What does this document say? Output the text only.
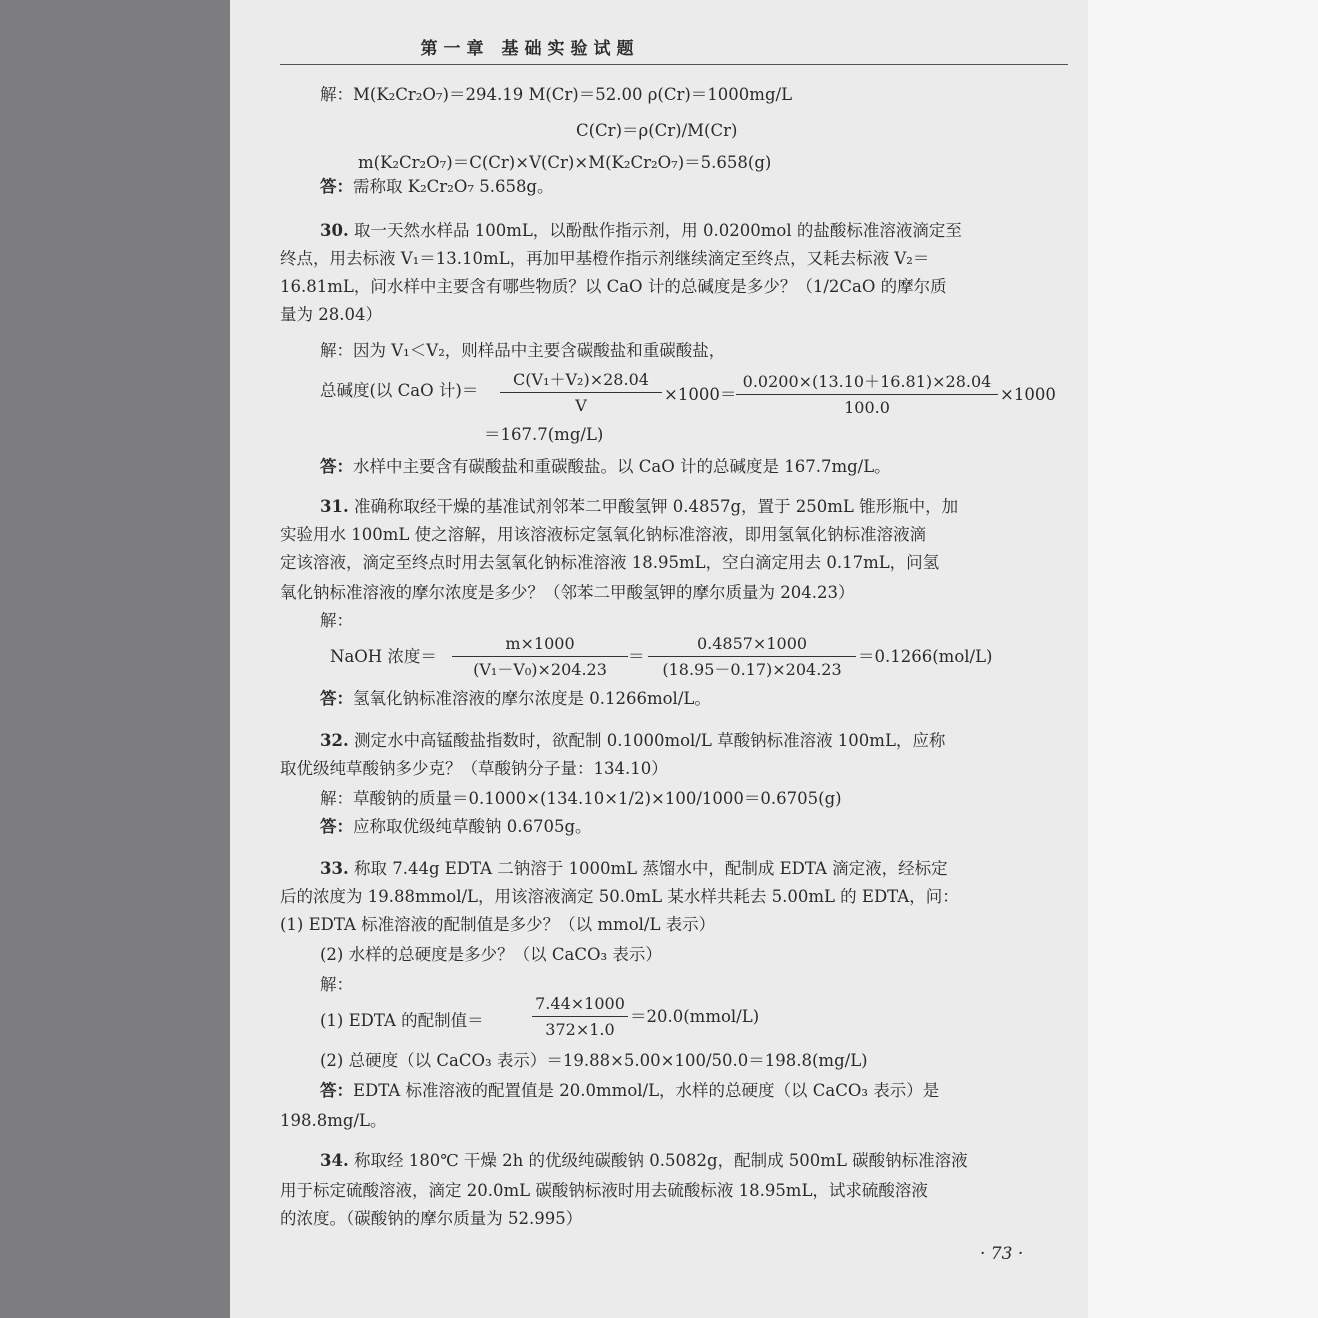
第一章 基础实验试题
解：M(K₂Cr₂O₇)＝294.19 M(Cr)＝52.00 ρ(Cr)＝1000mg/L
C(Cr)＝ρ(Cr)/M(Cr)
m(K₂Cr₂O₇)＝C(Cr)×V(Cr)×M(K₂Cr₂O₇)＝5.658(g)
答：需称取 K₂Cr₂O₇ 5.658g。
30. 取一天然水样品 100mL，以酚酞作指示剂，用 0.0200mol 的盐酸标准溶液滴定至
终点，用去标液 V₁＝13.10mL，再加甲基橙作指示剂继续滴定至终点，又耗去标液 V₂＝
16.81mL，问水样中主要含有哪些物质？以 CaO 计的总碱度是多少？（1/2CaO 的摩尔质
量为 28.04）
解：因为 V₁＜V₂，则样品中主要含碳酸盐和重碳酸盐，
总碱度(以 CaO 计)＝
C(V₁＋V₂)×28.04
V
×1000＝
0.0200×(13.10＋16.81)×28.04
100.0
×1000
＝167.7(mg/L)
答：水样中主要含有碳酸盐和重碳酸盐。以 CaO 计的总碱度是 167.7mg/L。
31. 准确称取经干燥的基准试剂邻苯二甲酸氢钾 0.4857g，置于 250mL 锥形瓶中，加
实验用水 100mL 使之溶解，用该溶液标定氢氧化钠标准溶液，即用氢氧化钠标准溶液滴
定该溶液，滴定至终点时用去氢氧化钠标准溶液 18.95mL，空白滴定用去 0.17mL，问氢
氧化钠标准溶液的摩尔浓度是多少？（邻苯二甲酸氢钾的摩尔质量为 204.23）
解：
NaOH 浓度＝
m×1000
(V₁－V₀)×204.23
＝
0.4857×1000
(18.95－0.17)×204.23
＝0.1266(mol/L)
答：氢氧化钠标准溶液的摩尔浓度是 0.1266mol/L。
32. 测定水中高锰酸盐指数时，欲配制 0.1000mol/L 草酸钠标准溶液 100mL，应称
取优级纯草酸钠多少克？（草酸钠分子量：134.10）
解：草酸钠的质量＝0.1000×(134.10×1/2)×100/1000＝0.6705(g)
答：应称取优级纯草酸钠 0.6705g。
33. 称取 7.44g EDTA 二钠溶于 1000mL 蒸馏水中，配制成 EDTA 滴定液，经标定
后的浓度为 19.88mmol/L，用该溶液滴定 50.0mL 某水样共耗去 5.00mL 的 EDTA，问：
(1) EDTA 标准溶液的配制值是多少？（以 mmol/L 表示）
(2) 水样的总硬度是多少？（以 CaCO₃ 表示）
解：
(1) EDTA 的配制值＝
7.44×1000
372×1.0
＝20.0(mmol/L)
(2) 总硬度（以 CaCO₃ 表示）＝19.88×5.00×100/50.0＝198.8(mg/L)
答：EDTA 标准溶液的配置值是 20.0mmol/L，水样的总硬度（以 CaCO₃ 表示）是
198.8mg/L。
34. 称取经 180℃ 干燥 2h 的优级纯碳酸钠 0.5082g，配制成 500mL 碳酸钠标准溶液
用于标定硫酸溶液，滴定 20.0mL 碳酸钠标液时用去硫酸标液 18.95mL，试求硫酸溶液
的浓度。（碳酸钠的摩尔质量为 52.995）
· 73 ·
